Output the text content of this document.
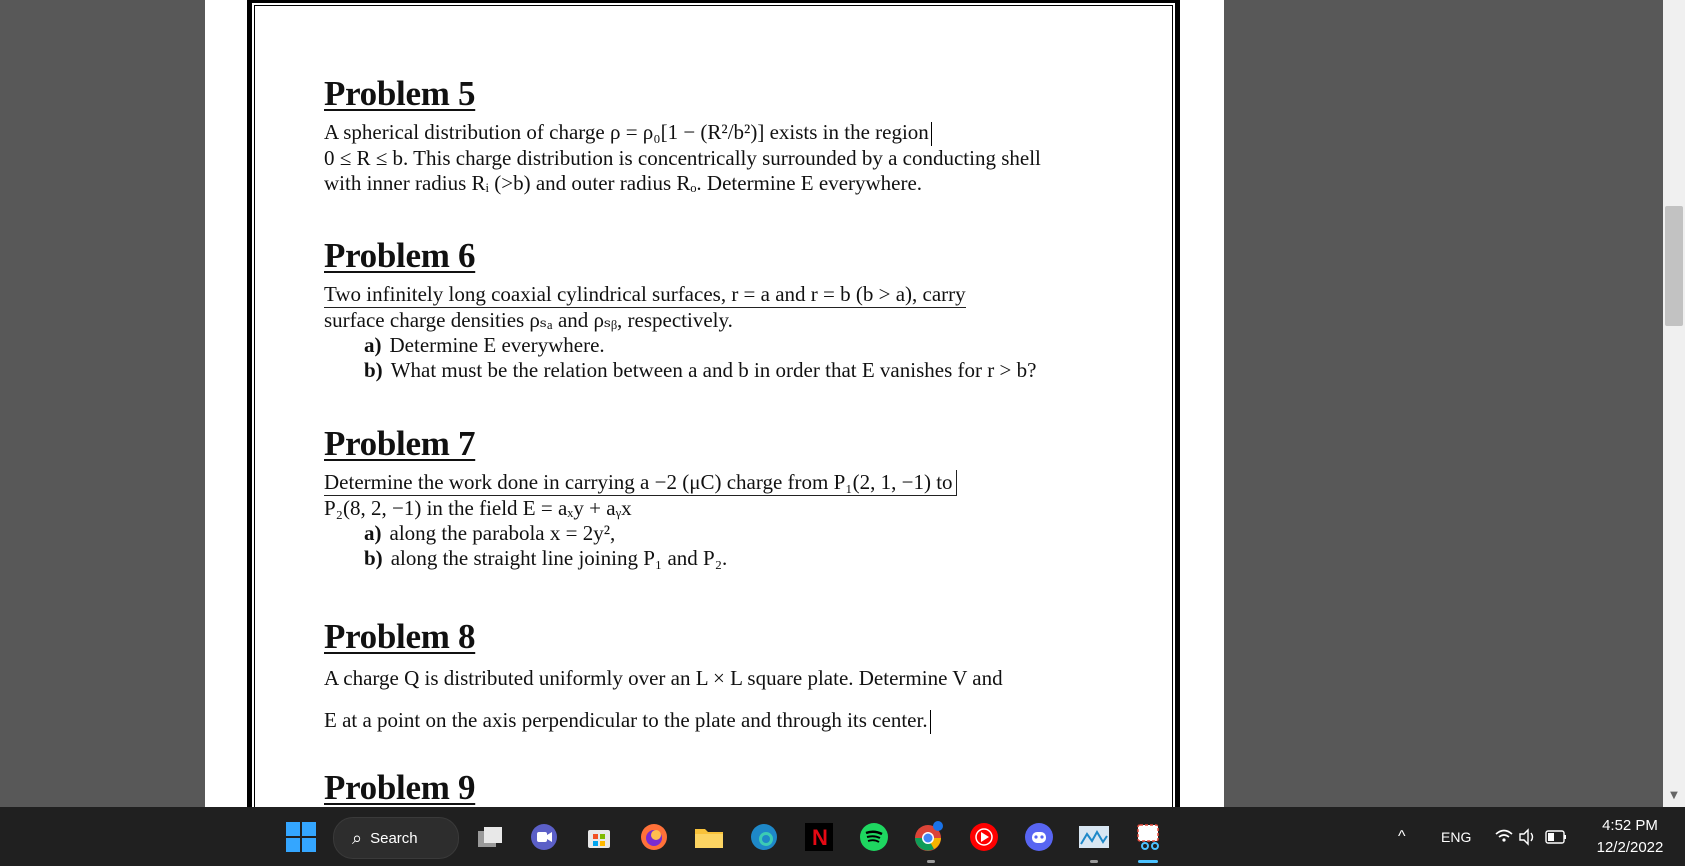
Problem 5
A spherical distribution of charge ρ = ρ₀[1 − (R²/b²)] exists in the region
0 ≤ R ≤ b. This charge distribution is concentrically surrounded by a conducting shell
with inner radius Rᵢ (>b) and outer radius Rₒ. Determine E everywhere.
Problem 6
Two infinitely long coaxial cylindrical surfaces, r = a and r = b (b > a), carry
surface charge densities ρₛₐ and ρₛᵦ, respectively.
a) Determine E everywhere.
b) What must be the relation between a and b in order that E vanishes for r > b?
Problem 7
Determine the work done in carrying a −2 (μC) charge from P₁(2, 1, −1) to
P₂(8, 2, −1) in the field E = aₓy + aᵧx
a) along the parabola x = 2y²,
b) along the straight line joining P₁ and P₂.
Problem 8
A charge Q is distributed uniformly over an L × L square plate. Determine V and
E at a point on the axis perpendicular to the plate and through its center.
Problem 9	▼
⌕ Search	N	^	ENG
4:52 PM
12/2/2022
